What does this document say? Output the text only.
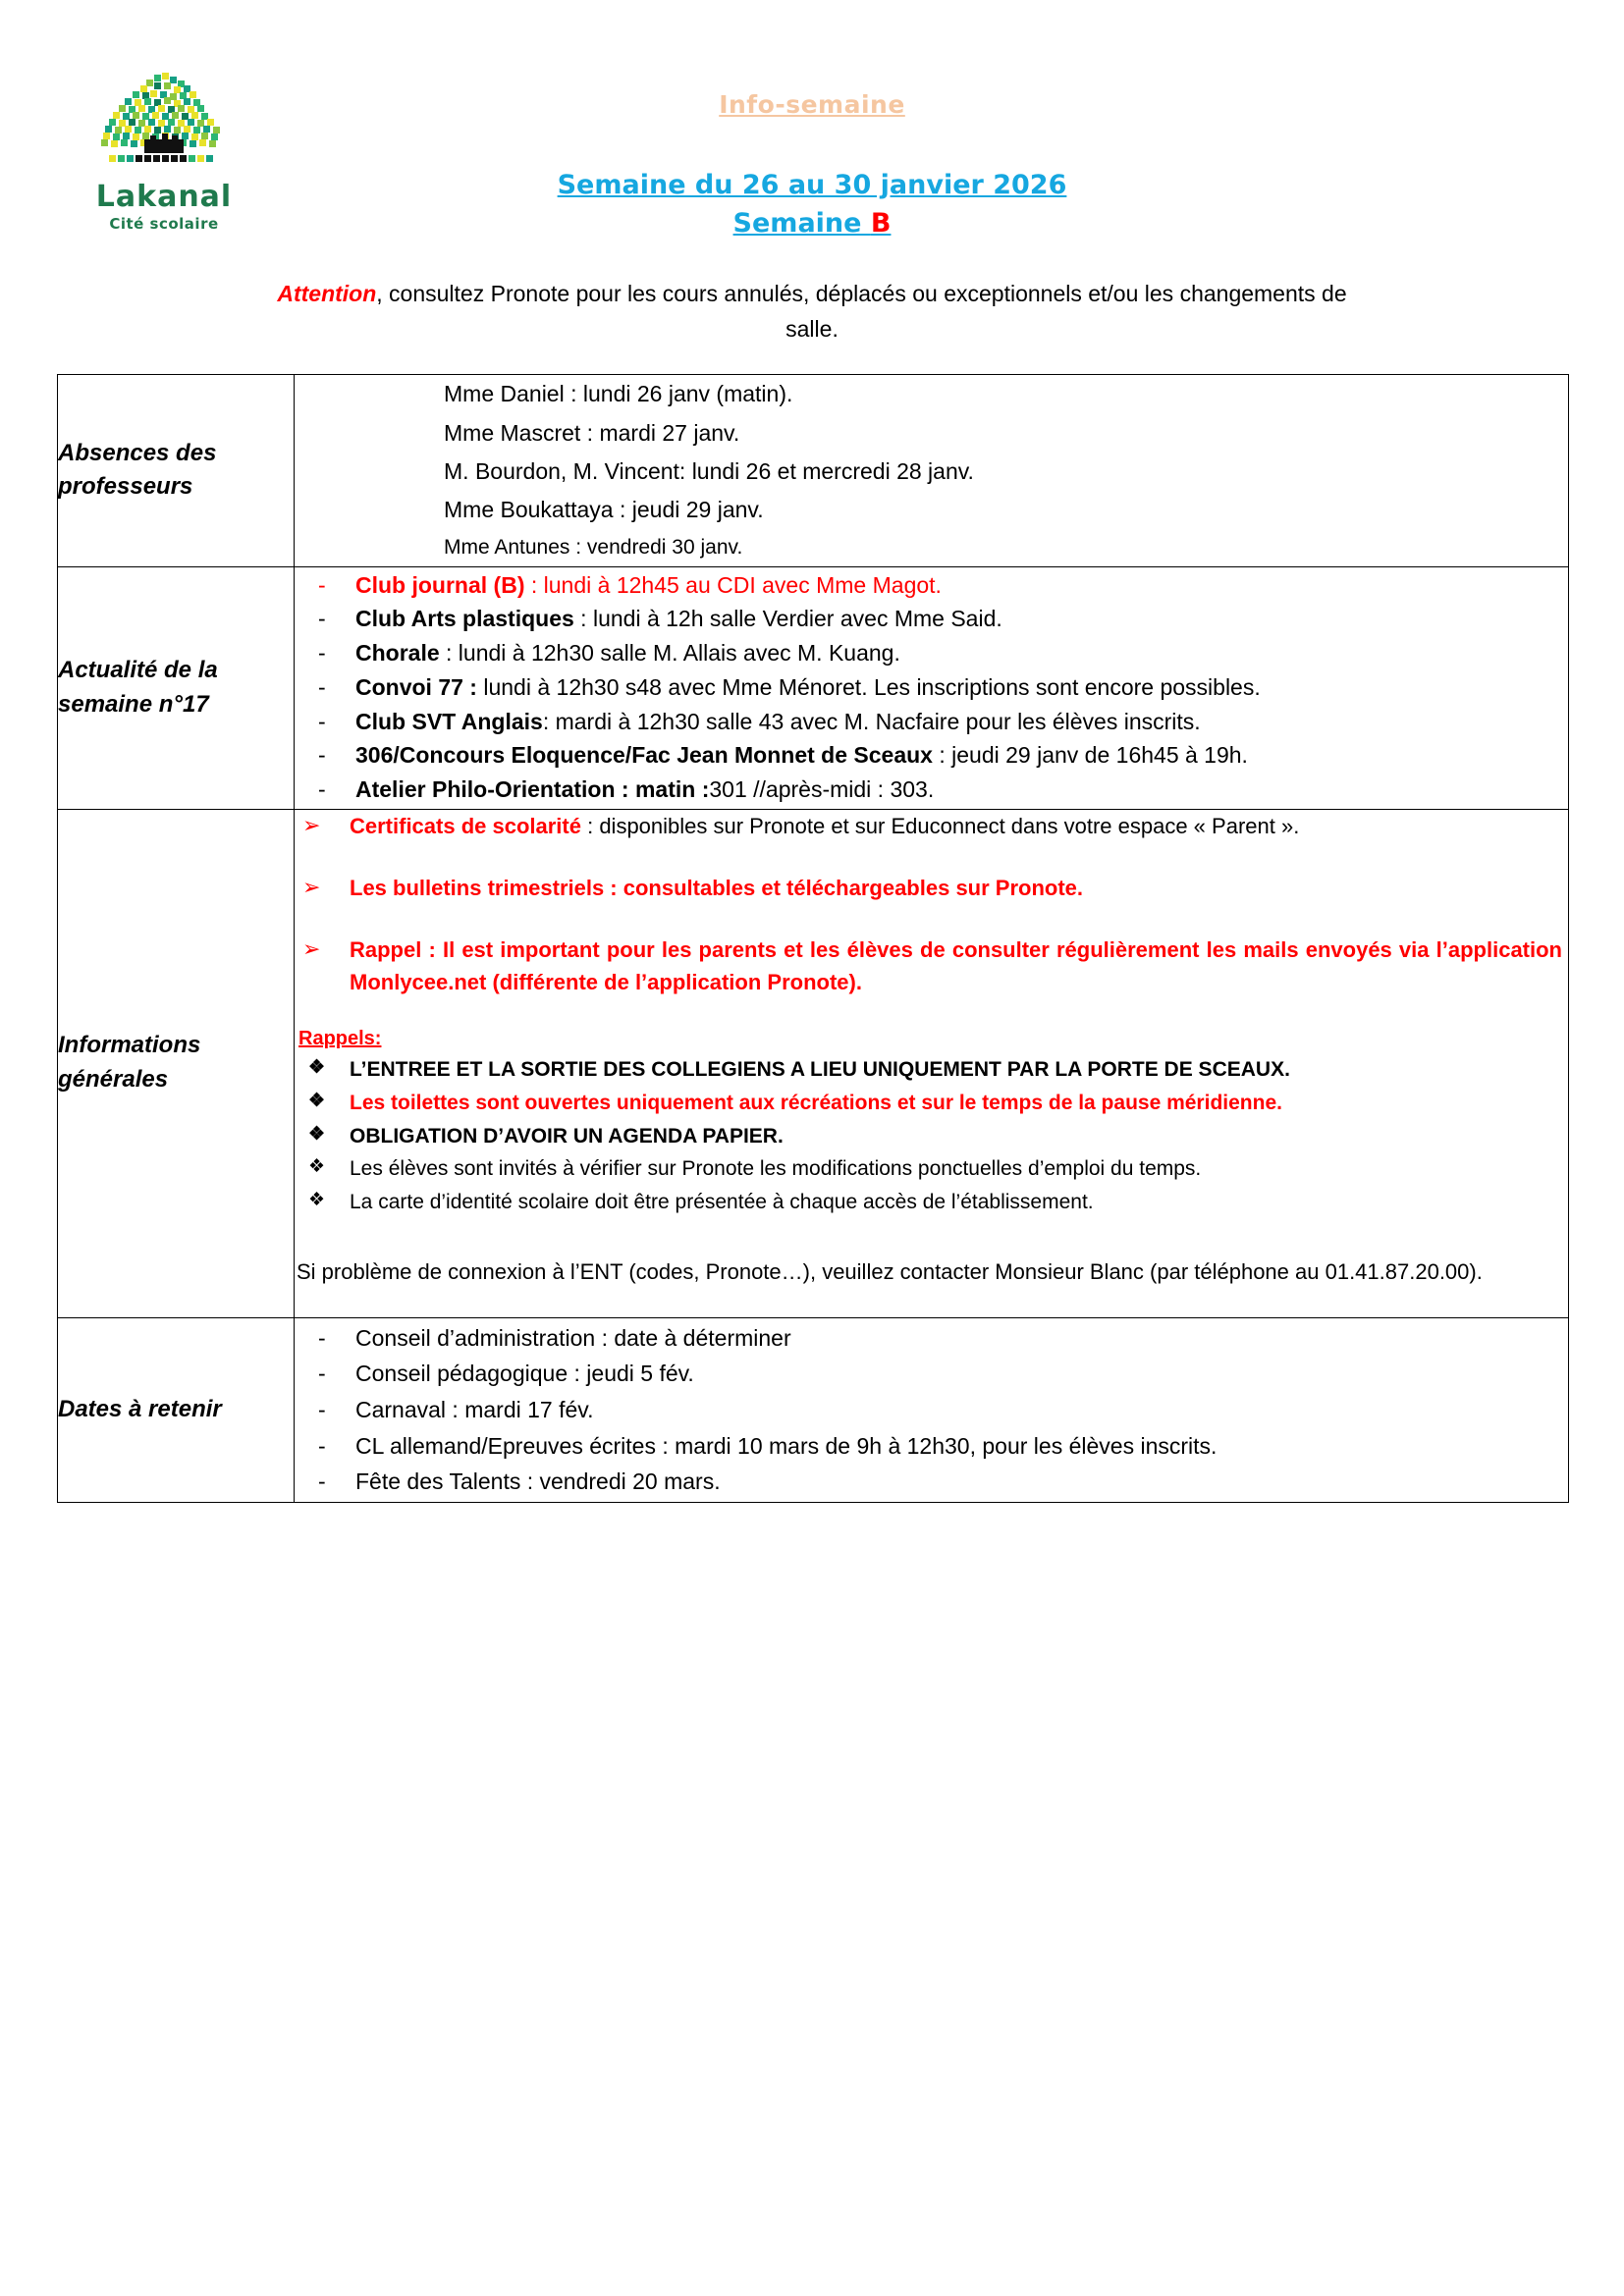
Lakanal
Cité scolaire
Info-semaine
Semaine du 26 au 30 janvier 2026
Semaine B
Attention, consultez Pronote pour les cours annulés, déplacés ou exceptionnels et/ou les changements de salle.
Absences des professeurs	
Mme Daniel : lundi 26 janv (matin).
Mme Mascret : mardi 27 janv.
M. Bourdon, M. Vincent: lundi 26 et mercredi 28 janv.
Mme Boukattaya : jeudi 29 janv.
Mme Antunes : vendredi 30 janv.

Actualité de la semaine n°17	
- Club journal (B) : lundi à 12h45 au CDI avec Mme Magot.
- Club Arts plastiques : lundi à 12h salle Verdier avec Mme Said.
- Chorale : lundi à 12h30 salle M. Allais avec M. Kuang.
- Convoi 77 : lundi à 12h30 s48 avec Mme Ménoret. Les inscriptions sont encore possibles.
- Club SVT Anglais: mardi à 12h30 salle 43 avec M. Nacfaire pour les élèves inscrits.
- 306/Concours Eloquence/Fac Jean Monnet de Sceaux : jeudi 29 janv de 16h45 à 19h.
- Atelier Philo-Orientation : matin :301 //après-midi : 303.

Informations générales	
➢ Certificats de scolarité : disponibles sur Pronote et sur Educonnect dans votre espace « Parent ».
➢ Les bulletins trimestriels : consultables et téléchargeables sur Pronote.
➢ Rappel : Il est important pour les parents et les élèves de consulter régulièrement les mails envoyés via l’application Monlycee.net (différente de l’application Pronote).
Rappels:
❖ L’ENTREE ET LA SORTIE DES COLLEGIENS A LIEU UNIQUEMENT PAR LA PORTE DE SCEAUX.
❖ Les toilettes sont ouvertes uniquement aux récréations et sur le temps de la pause méridienne.
❖ OBLIGATION D’AVOIR UN AGENDA PAPIER.
❖ Les élèves sont invités à vérifier sur Pronote les modifications ponctuelles d’emploi du temps.
❖ La carte d’identité scolaire doit être présentée à chaque accès de l’établissement.
Si problème de connexion à l’ENT (codes, Pronote…), veuillez contacter Monsieur Blanc (par téléphone au 01.41.87.20.00).

Dates à retenir	
- Conseil d’administration : date à déterminer
- Conseil pédagogique : jeudi 5 fév.
- Carnaval : mardi 17 fév.
- CL allemand/Epreuves écrites : mardi 10 mars de 9h à 12h30, pour les élèves inscrits.
- Fête des Talents : vendredi 20 mars.
